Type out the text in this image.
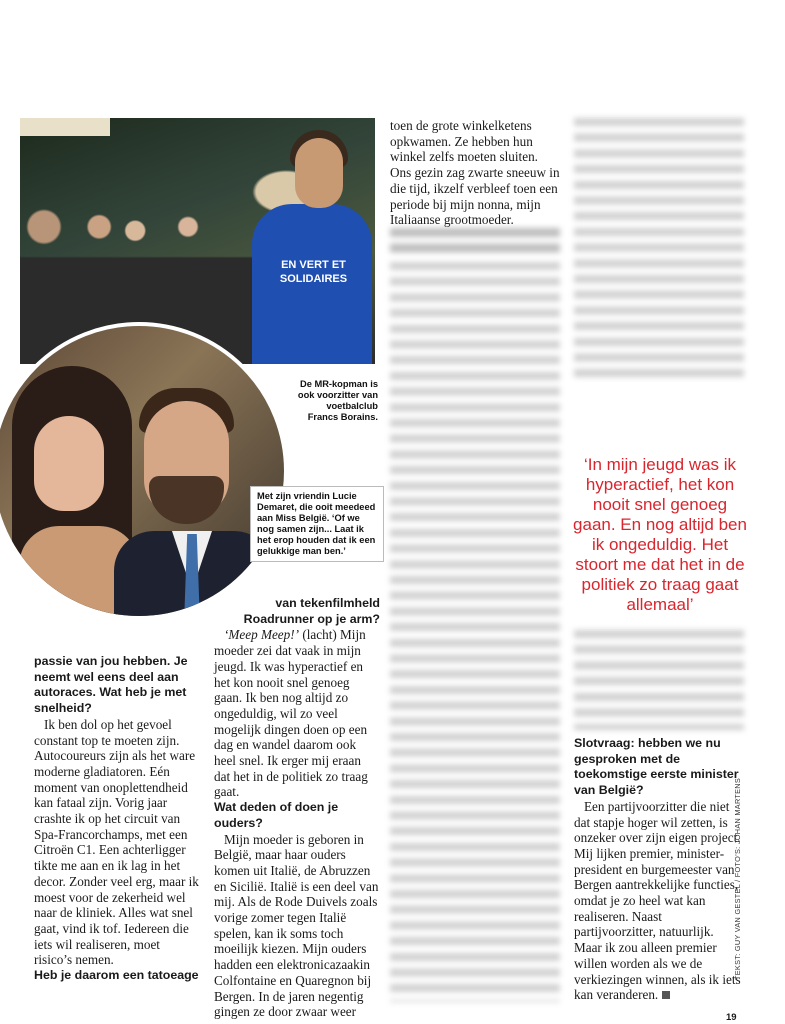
EN VERT ET SOLIDAIRES
De MR-kopman is ook voorzitter van voetbalclub Francs Borains.
Met zijn vriendin Lucie Demaret, die ooit meedeed aan Miss België. ‘Of we nog samen zijn... Laat ik het erop houden dat ik een gelukkige man ben.’

passie van jou hebben. Je neemt wel eens deel aan autoraces. Wat heb je met snelheid?

Ik ben dol op het gevoel constant top te moeten zijn. Autocoureurs zijn als het ware moderne gladiatoren. Eén moment van onoplettendheid kan fataal zijn. Vorig jaar crashte ik op het circuit van Spa-Francorchamps, met een Citroën C1. Een achterligger tikte me aan en ik lag in het decor. Zonder veel erg, maar ik moest voor de zekerheid wel naar de kliniek. Alles wat snel gaat, vind ik tof. Iedereen die iets wil realiseren, moet risico’s nemen.

Heb je daarom een tatoeage

van tekenfilmheld Roadrunner op je arm?

‘Meep Meep!’ (lacht) Mijn moeder zei dat vaak in mijn jeugd. Ik was hyperactief en het kon nooit snel genoeg gaan. Ik ben nog altijd zo ongeduldig, wil zo veel mogelijk dingen doen op een dag en wandel daarom ook heel snel. Ik erger mij eraan dat het in de politiek zo traag gaat.

Wat deden of doen je ouders?

Mijn moeder is geboren in België, maar haar ouders komen uit Italië, de Abruzzen en Sicilië. Italië is een deel van mij. Als de Rode Duivels zoals vorige zomer tegen Italië spelen, kan ik soms toch moeilijk kiezen. Mijn ouders hadden een elektronicazaakin Colfontaine en Quaregnon bij Bergen. In de jaren negentig gingen ze door zwaar weer

toen de grote winkelketens opkwamen. Ze hebben hun winkel zelfs moeten sluiten. Ons gezin zag zwarte sneeuw in die tijd, ikzelf verbleef toen een periode bij mijn nonna, mijn Italiaanse grootmoeder.
‘In mijn jeugd was ik hyperactief, het kon nooit snel genoeg gaan. En nog altijd ben ik ongeduldig. Het stoort me dat het in de politiek zo traag gaat allemaal’

Slotvraag: hebben we nu gesproken met de toekomstige eerste minister van België?

Een partijvoorzitter die niet dat stapje hoger wil zetten, is onzeker over zijn eigen project. Mij lijken premier, minister-president en burgemeester van Bergen aantrekkelijke functies, omdat je zo heel wat kan realiseren. Naast partijvoorzitter, natuurlijk. Maar ik zou alleen premier willen worden als we de verkiezingen winnen, als ik iets kan veranderen.

TEKST: GUY VAN GESTEL / FOTO’S: JOHAN MARTENS
19
